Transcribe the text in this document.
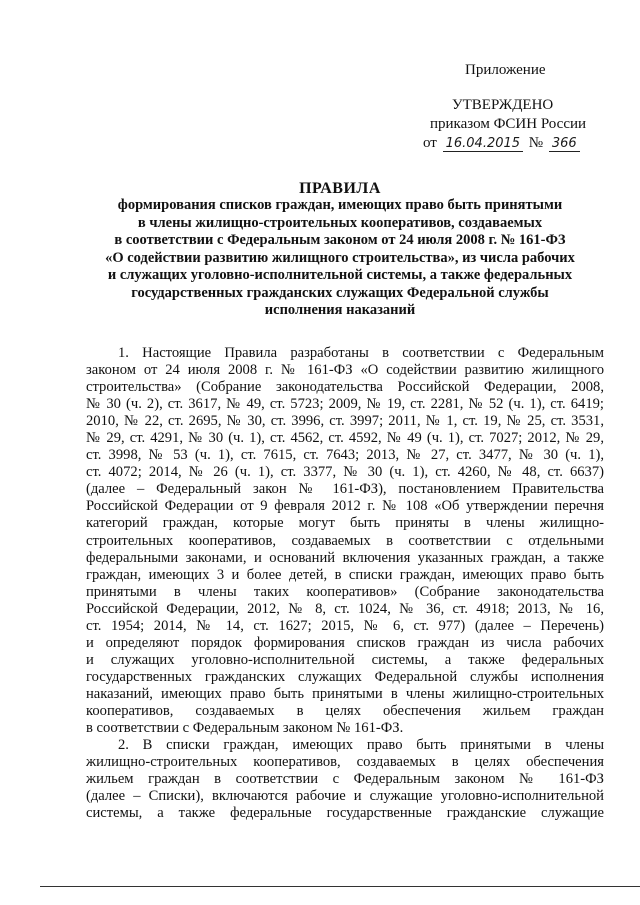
Приложение
УТВЕРЖДЕНО
приказом ФСИН России
от 16.04.2015 № 366
ПРАВИЛА
формирования списков граждан, имеющих право быть принятыми
в члены жилищно-строительных кооперативов, создаваемых
в соответствии с Федеральным законом от 24 июля 2008 г. № 161-ФЗ
«О содействии развитию жилищного строительства», из числа рабочих
и служащих уголовно-исполнительной системы, а также федеральных
государственных гражданских служащих Федеральной службы
исполнения наказаний
1. Настоящие Правила разработаны в соответствии с Федеральным
законом от 24 июля 2008 г. № 161-ФЗ «О содействии развитию жилищного
строительства» (Собрание законодательства Российской Федерации, 2008,
№ 30 (ч. 2), ст. 3617, № 49, ст. 5723; 2009, № 19, ст. 2281, № 52 (ч. 1), ст. 6419;
2010, № 22, ст. 2695, № 30, ст. 3996, ст. 3997; 2011, № 1, ст. 19, № 25, ст. 3531,
№ 29, ст. 4291, № 30 (ч. 1), ст. 4562, ст. 4592, № 49 (ч. 1), ст. 7027; 2012, № 29,
ст. 3998, № 53 (ч. 1), ст. 7615, ст. 7643; 2013, № 27, ст. 3477, № 30 (ч. 1),
ст. 4072; 2014, № 26 (ч. 1), ст. 3377, № 30 (ч. 1), ст. 4260, № 48, ст. 6637)
(далее – Федеральный закон № 161-ФЗ), постановлением Правительства
Российской Федерации от 9 февраля 2012 г. № 108 «Об утверждении перечня
категорий граждан, которые могут быть приняты в члены жилищно-
строительных кооперативов, создаваемых в соответствии с отдельными
федеральными законами, и оснований включения указанных граждан, а также
граждан, имеющих 3 и более детей, в списки граждан, имеющих право быть
принятыми в члены таких кооперативов» (Собрание законодательства
Российской Федерации, 2012, № 8, ст. 1024, № 36, ст. 4918; 2013, № 16,
ст. 1954; 2014, № 14, ст. 1627; 2015, № 6, ст. 977) (далее – Перечень)
и определяют порядок формирования списков граждан из числа рабочих
и служащих уголовно-исполнительной системы, а также федеральных
государственных гражданских служащих Федеральной службы исполнения
наказаний, имеющих право быть принятыми в члены жилищно-строительных
кооперативов, создаваемых в целях обеспечения жильем граждан
в соответствии с Федеральным законом № 161-ФЗ.
2. В списки граждан, имеющих право быть принятыми в члены
жилищно-строительных кооперативов, создаваемых в целях обеспечения
жильем граждан в соответствии с Федеральным законом № 161-ФЗ
(далее – Списки), включаются рабочие и служащие уголовно-исполнительной
системы, а также федеральные государственные гражданские служащие
